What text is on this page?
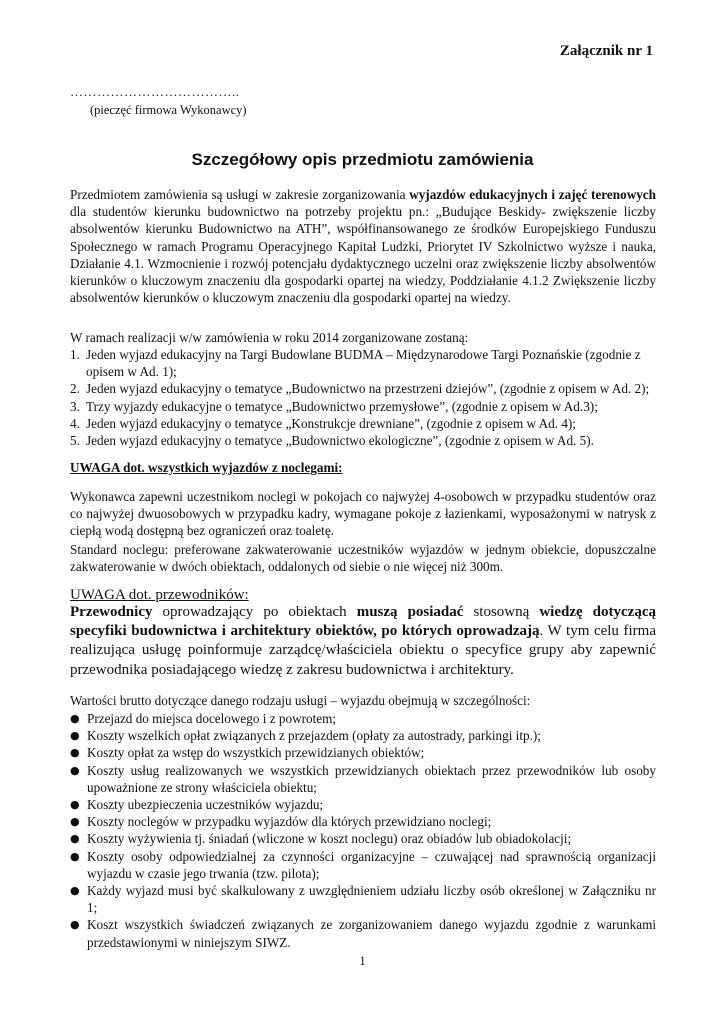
Załącznik nr 1
………………………………..
(pieczęć firmowa Wykonawcy)
Szczegółowy opis przedmiotu zamówienia
Przedmiotem zamówienia są usługi w zakresie zorganizowania wyjazdów edukacyjnych i zajęć terenowych dla studentów kierunku budownictwo na potrzeby projektu pn.: „Budujące Beskidy- zwiększenie liczby absolwentów kierunku Budownictwo na ATH”, współfinansowanego ze środków Europejskiego Funduszu Społecznego w ramach Programu Operacyjnego Kapitał Ludzki, Priorytet IV Szkolnictwo wyższe i nauka, Działanie 4.1. Wzmocnienie i rozwój potencjału dydaktycznego uczelni oraz zwiększenie liczby absolwentów kierunków o kluczowym znaczeniu dla gospodarki opartej na wiedzy, Poddziałanie 4.1.2 Zwiększenie liczby absolwentów kierunków o kluczowym znaczeniu dla gospodarki opartej na wiedzy.
W ramach realizacji w/w zamówienia w roku 2014 zorganizowane zostaną:
1. Jeden wyjazd edukacyjny na Targi Budowlane BUDMA – Międzynarodowe Targi Poznańskie (zgodnie z opisem w Ad. 1);
2. Jeden wyjazd edukacyjny o tematyce „Budownictwo na przestrzeni dziejów”, (zgodnie z opisem w Ad. 2);
3. Trzy wyjazdy edukacyjne o tematyce „Budownictwo przemysłowe”, (zgodnie z opisem w Ad.3);
4. Jeden wyjazd edukacyjny o tematyce „Konstrukcje drewniane”, (zgodnie z opisem w Ad. 4);
5. Jeden wyjazd edukacyjny o tematyce „Budownictwo ekologiczne”, (zgodnie z opisem w Ad. 5).
UWAGA dot. wszystkich wyjazdów z noclegami:
Wykonawca zapewni uczestnikom noclegi w pokojach co najwyżej 4-osobowch w przypadku studentów oraz co najwyżej dwuosobowych w przypadku kadry, wymagane pokoje z łazienkami, wyposażonymi w natrysk z ciepłą wodą dostępną bez ograniczeń oraz toaletę.
Standard noclegu: preferowane zakwaterowanie uczestników wyjazdów w jednym obiekcie, dopuszczalne zakwaterowanie w dwóch obiektach, oddalonych od siebie o nie więcej niż 300m.
UWAGA dot. przewodników:
Przewodnicy oprowadzający po obiektach muszą posiadać stosowną wiedzę dotyczącą specyfiki budownictwa i architektury obiektów, po których oprowadzają. W tym celu firma realizująca usługę poinformuje zarządcę/właściciela obiektu o specyfice grupy aby zapewnić przewodnika posiadającego wiedzę z zakresu budownictwa i architektury.
Wartości brutto dotyczące danego rodzaju usługi – wyjazdu obejmują w szczególności:
● Przejazd do miejsca docelowego i z powrotem;
● Koszty wszelkich opłat związanych z przejazdem (opłaty za autostrady, parkingi itp.);
● Koszty opłat za wstęp do wszystkich przewidzianych obiektów;
● Koszty usług realizowanych we wszystkich przewidzianych obiektach przez przewodników lub osoby upoważnione ze strony właściciela obiektu;
● Koszty ubezpieczenia uczestników wyjazdu;
● Koszty noclegów w przypadku wyjazdów dla których przewidziano noclegi;
● Koszty wyżywienia tj. śniadań (wliczone w koszt noclegu) oraz obiadów lub obiadokolacji;
● Koszty osoby odpowiedzialnej za czynności organizacyjne – czuwającej nad sprawnością organizacji wyjazdu w czasie jego trwania (tzw. pilota);
● Każdy wyjazd musi być skalkulowany z uwzględnieniem udziału liczby osób określonej w Załączniku nr 1;
● Koszt wszystkich świadczeń związanych ze zorganizowaniem danego wyjazdu zgodnie z warunkami przedstawionymi w niniejszym SIWZ.
1
